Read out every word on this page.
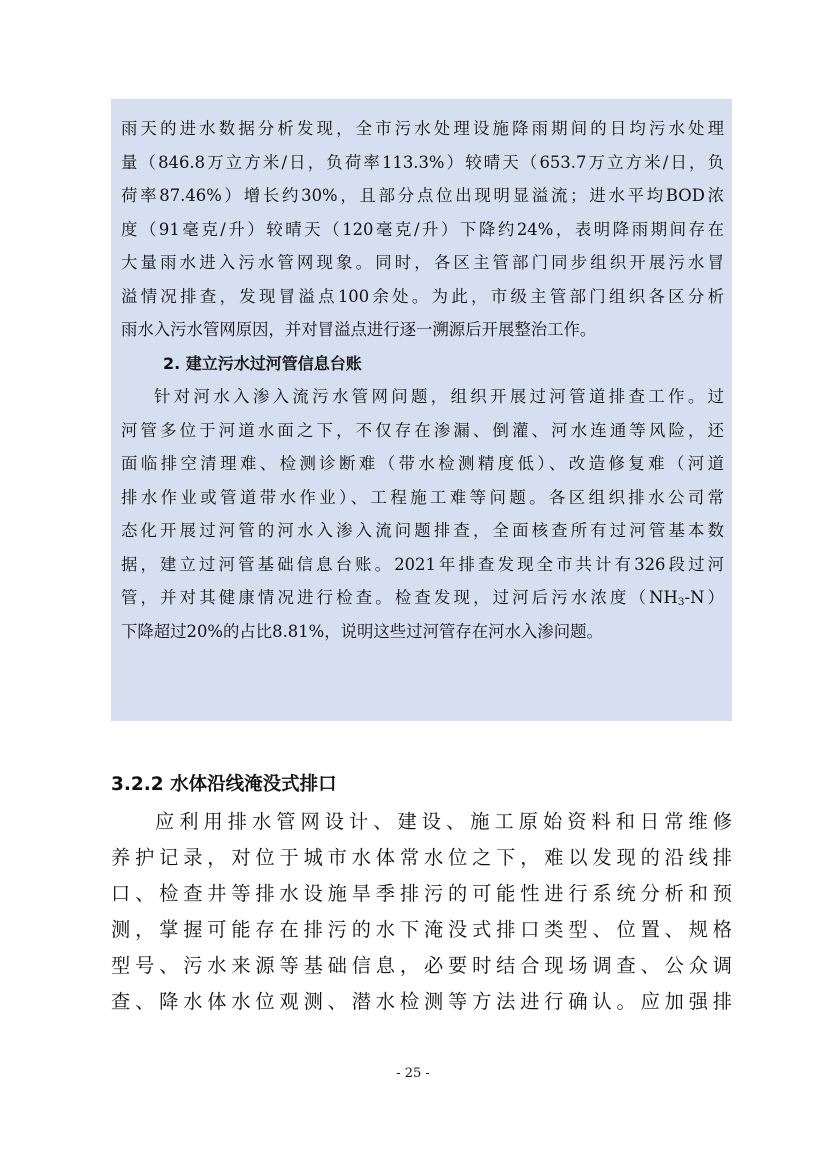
雨天的进水数据分析发现，全市污水处理设施降雨期间的日均污水处理

量（846.8万立方米/日，负荷率113.3%）较晴天（653.7万立方米/日，负

荷率87.46%）增长约30%，且部分点位出现明显溢流；进水平均BOD浓

度（91毫克/升）较晴天（120毫克/升）下降约24%，表明降雨期间存在

大量雨水进入污水管网现象。同时，各区主管部门同步组织开展污水冒

溢情况排查，发现冒溢点100余处。为此，市级主管部门组织各区分析

雨水入污水管网原因，并对冒溢点进行逐一溯源后开展整治工作。

2. 建立污水过河管信息台账

针对河水入渗入流污水管网问题，组织开展过河管道排查工作。过

河管多位于河道水面之下，不仅存在渗漏、倒灌、河水连通等风险，还

面临排空清理难、检测诊断难（带水检测精度低）、改造修复难（河道

排水作业或管道带水作业）、工程施工难等问题。各区组织排水公司常

态化开展过河管的河水入渗入流问题排查，全面核查所有过河管基本数

据，建立过河管基础信息台账。2021年排查发现全市共计有326段过河

管，并对其健康情况进行检查。检查发现，过河后污水浓度$(NH_3-N)$

下降超过20%的占比8.81%，说明这些过河管存在河水入渗问题。

3.2.2 水体沿线淹没式排口

应利用排水管网设计、建设、施工原始资料和日常维修

养护记录，对位于城市水体常水位之下，难以发现的沿线排

口、检查井等排水设施旱季排污的可能性进行系统分析和预

测，掌握可能存在排污的水下淹没式排口类型、位置、规格

型号、污水来源等基础信息，必要时结合现场调查、公众调

查、降水体水位观测、潜水检测等方法进行确认。应加强排

- 25 -
